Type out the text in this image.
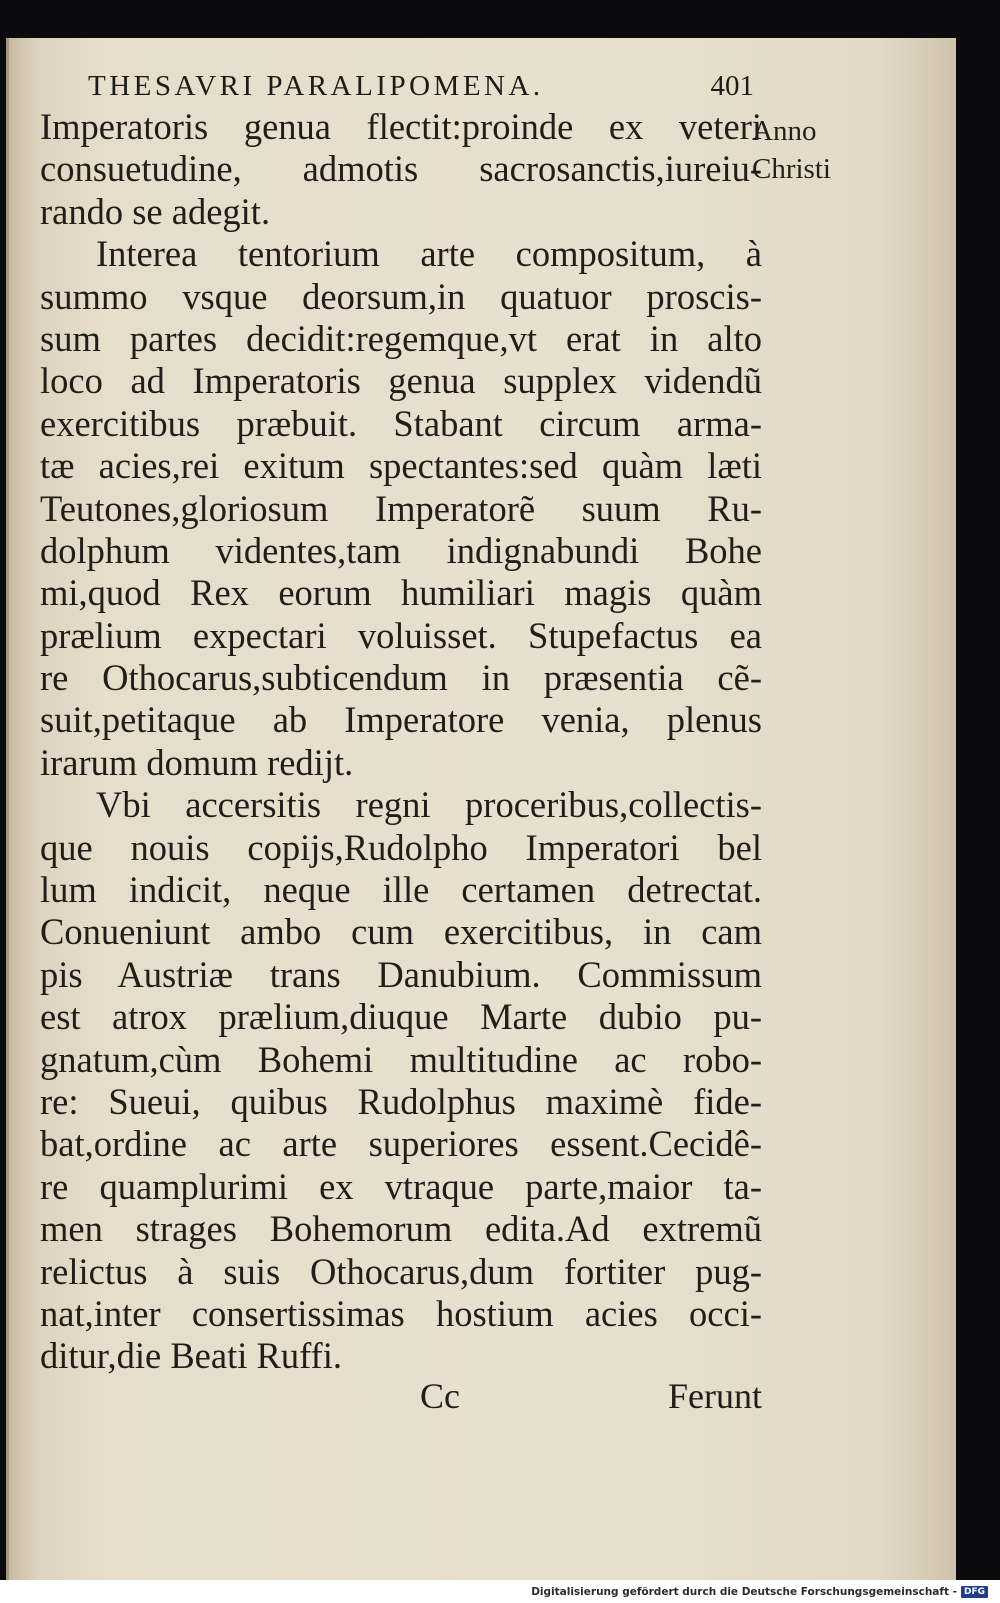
THESAVRI PARALIPOMENA.	401
Anno
Christi
Imperatoris genua flectit:proinde ex veteri
consuetudine, admotis sacrosanctis,iureiu-
rando se adegit.
Interea tentorium arte compositum, à
summo vsque deorsum,in quatuor proscis-
sum partes decidit:regemque,vt erat in alto
loco ad Imperatoris genua supplex videndũ
exercitibus præbuit. Stabant circum arma-
tæ acies,rei exitum spectantes:sed quàm læti
Teutones,gloriosum Imperatorẽ suum Ru-
dolphum videntes,tam indignabundi Bohe
mi,quod Rex eorum humiliari magis quàm
prælium expectari voluisset. Stupefactus ea
re Othocarus,subticendum in præsentia cẽ-
suit,petitaque ab Imperatore venia, plenus
irarum domum redijt.
Vbi accersitis regni proceribus,collectis-
que nouis copijs,Rudolpho Imperatori bel
lum indicit, neque ille certamen detrectat.
Conueniunt ambo cum exercitibus, in cam
pis Austriæ trans Danubium. Commissum
est atrox prælium,diuque Marte dubio pu-
gnatum,cùm Bohemi multitudine ac robo-
re: Sueui, quibus Rudolphus maximè fide-
bat,ordine ac arte superiores essent.Cecidê-
re quamplurimi ex vtraque parte,maior ta-
men strages Bohemorum edita.Ad extremũ
relictus à suis Othocarus,dum fortiter pug-
nat,inter consertissimas hostium acies occi-
ditur,die Beati Ruffi.
Cc	Ferunt
Digitalisierung gefördert durch die Deutsche Forschungsgemeinschaft - DFG
